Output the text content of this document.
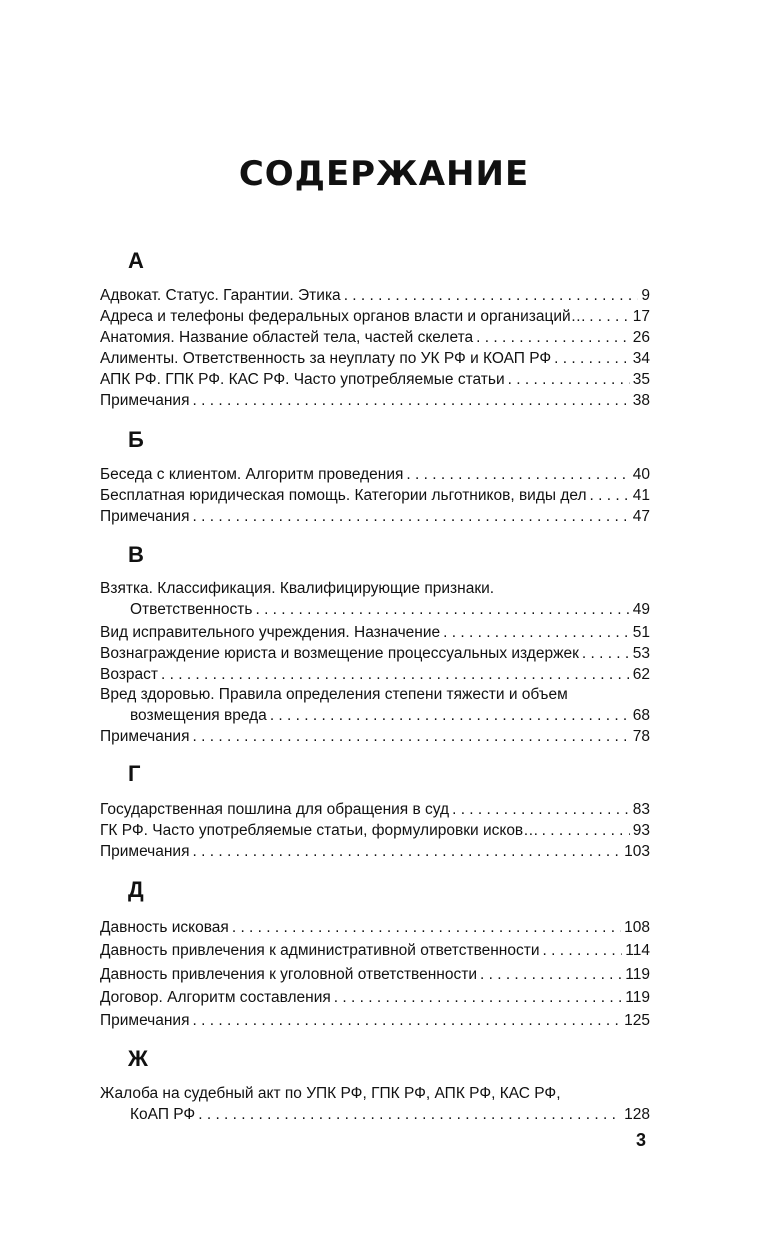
СОДЕРЖАНИЕ
А
Адвокат. Статус. Гарантии. Этика . . .	9
Адреса и телефоны федеральных органов власти и организаций… . . .	17
Анатомия. Название областей тела, частей скелета . . .	26
Алименты. Ответственность за неуплату по УК РФ и КОАП РФ . . .	34
АПК РФ. ГПК РФ. КАС РФ. Часто употребляемые статьи . . .	35
Примечания . . .	38
Б
Беседа с клиентом. Алгоритм проведения . . .	40
Бесплатная юридическая помощь. Категории льготников, виды дел . . .	41
Примечания . . .	47
В
Взятка. Классификация. Квалифицирующие признаки.
Ответственность . . .	49
Вид исправительного учреждения. Назначение . . .	51
Вознаграждение юриста и возмещение процессуальных издержек . . .	53
Возраст . . .	62
Вред здоровью. Правила определения степени тяжести и объем
возмещения вреда . . .	68
Примечания . . .	78
Г
Государственная пошлина для обращения в суд . . .	83
ГК РФ. Часто употребляемые статьи, формулировки исков… . . .	93
Примечания . . .	103
Д
Давность исковая . . .	108
Давность привлечения к административной ответственности . . .	114
Давность привлечения к уголовной ответственности . . .	119
Договор. Алгоритм составления . . .	119
Примечания . . .	125
Ж
Жалоба на судебный акт по УПК РФ, ГПК РФ, АПК РФ, КАС РФ,
КоАП РФ . . .	128
3
